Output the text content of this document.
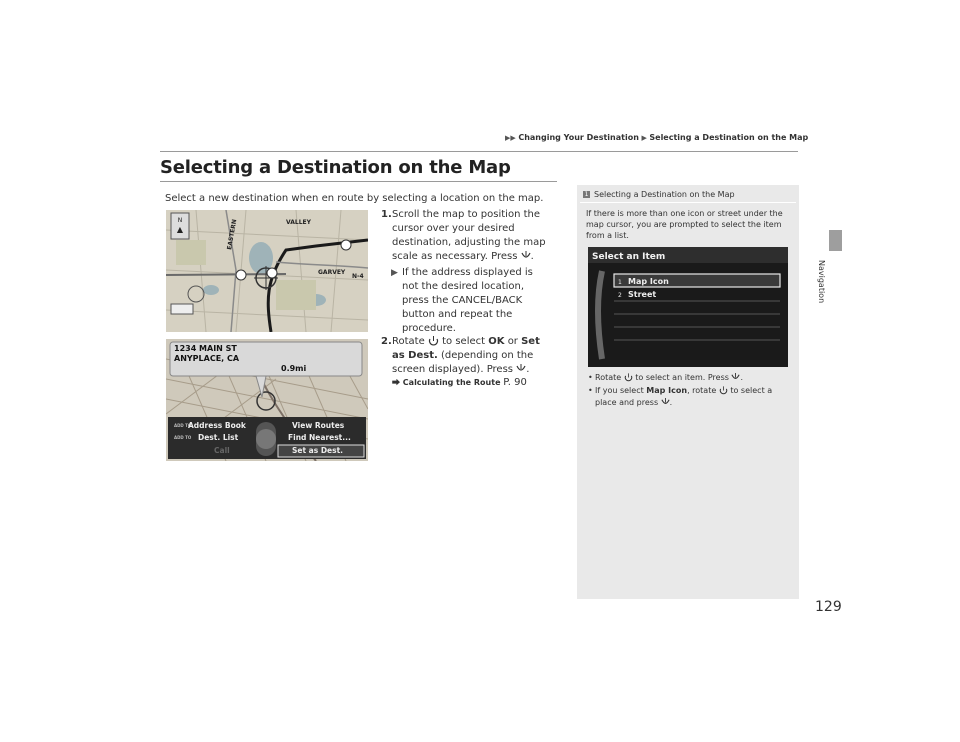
▶▶ Changing Your Destination ▶ Selecting a Destination on the Map
Navigation
Selecting a Destination on the Map
Select a new destination when en route by selecting a location on the map.
N
▲
VALLEY
EASTERN
GARVEY
N-4
1234 MAIN ST
ANYPLACE, CA
0.9mi
ADD TO
Address Book
ADD TO Dest. List
Call
View Routes
Find Nearest...
Set as Dest.
1. Scroll the map to position the cursor over your desired destination, adjusting the map scale as necessary. Press .
▶ If the address displayed is not the desired location, press the CANCEL/BACK button and repeat the procedure.
2. Rotate to select OK or Set as Dest. (depending on the screen displayed). Press .
⮕ Calculating the Route P. 90
1 Selecting a Destination on the Map
If there is more than one icon or street under the map cursor, you are prompted to select the item from a list.
Select an Item
1 Map Icon
2 Street
• Rotate to select an item. Press .
• If you select Map Icon, rotate to select a place and press .
129
